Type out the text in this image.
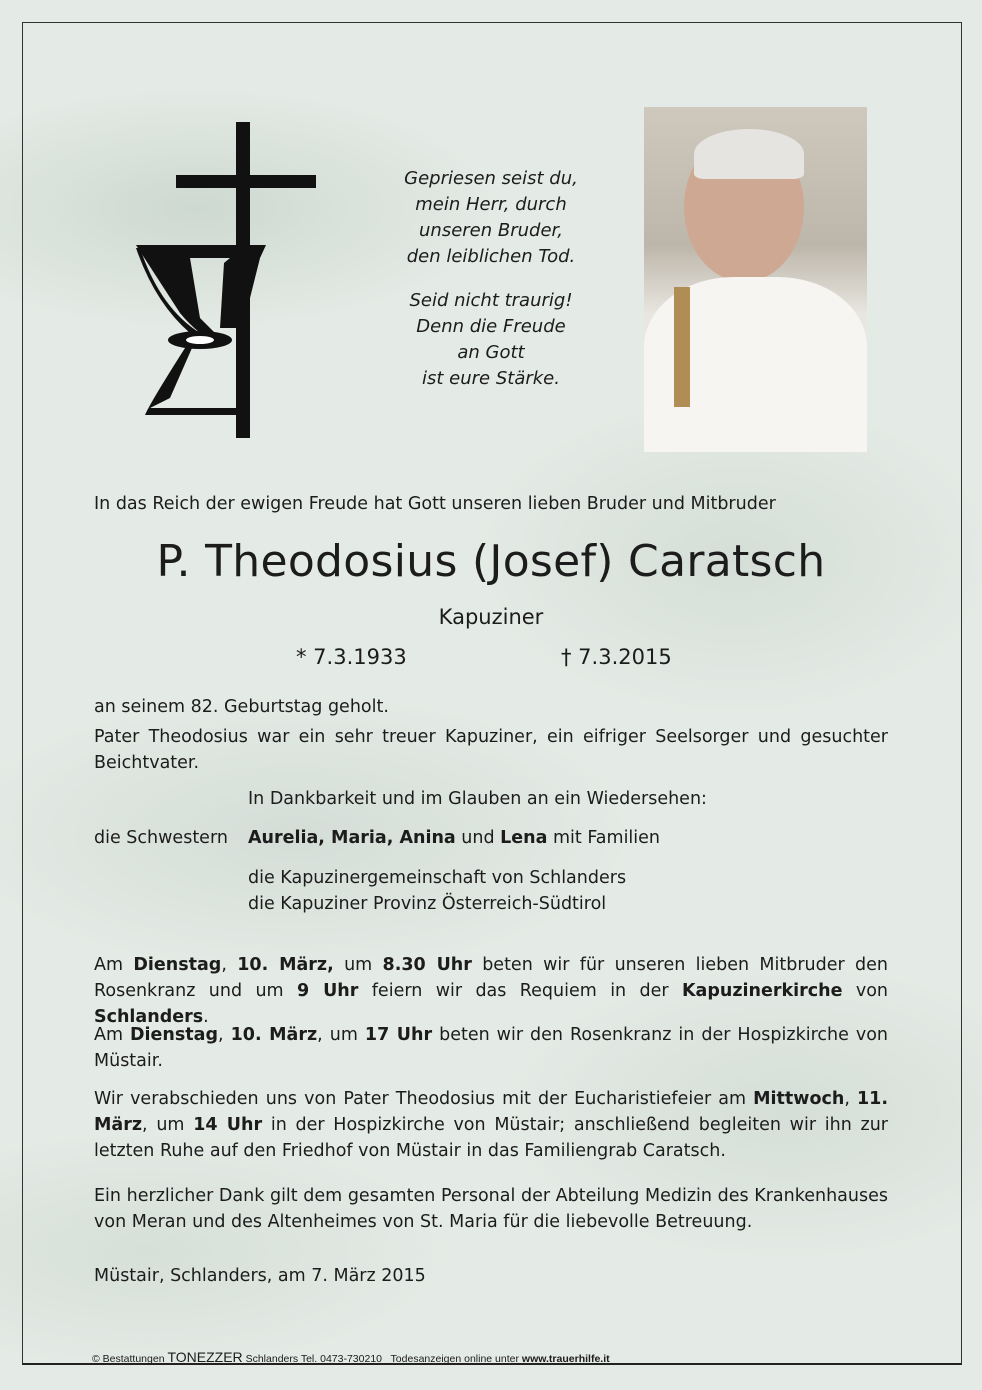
Gepriesen seist du,
mein Herr, durch
unseren Bruder,
den leiblichen Tod.
Seid nicht traurig!
Denn die Freude
an Gott
ist eure Stärke.
In das Reich der ewigen Freude hat Gott unseren lieben Bruder und Mitbruder
P. Theodosius (Josef) Caratsch
Kapuziner
* 7.3.1933	† 7.3.2015
an seinem 82. Geburtstag geholt.
Pater Theodosius war ein sehr treuer Kapuziner, ein eifriger Seelsorger und gesuchter Beichtvater.
In Dankbarkeit und im Glauben an ein Wiedersehen:
die Schwestern	Aurelia, Maria, Anina und Lena mit Familien
die Kapuzinergemeinschaft von Schlanders
die Kapuziner Provinz Österreich-Südtirol
Am Dienstag, 10. März, um 8.30 Uhr beten wir für unseren lieben Mitbruder den Rosenkranz und um 9 Uhr feiern wir das Requiem in der Kapuzinerkirche von Schlanders.
Am Dienstag, 10. März, um 17 Uhr beten wir den Rosenkranz in der Hospizkirche von Müstair.
Wir verabschieden uns von Pater Theodosius mit der Eucharistiefeier am Mittwoch, 11. März, um 14 Uhr in der Hospizkirche von Müstair; anschließend begleiten wir ihn zur letzten Ruhe auf den Friedhof von Müstair in das Familiengrab Caratsch.
Ein herzlicher Dank gilt dem gesamten Personal der Abteilung Medizin des Krankenhauses von Meran und des Altenheimes von St. Maria für die liebevolle Betreuung.
Müstair, Schlanders, am 7. März 2015
© Bestattungen TONEZZER Schlanders Tel. 0473-730210   Todesanzeigen online unter www.trauerhilfe.it
